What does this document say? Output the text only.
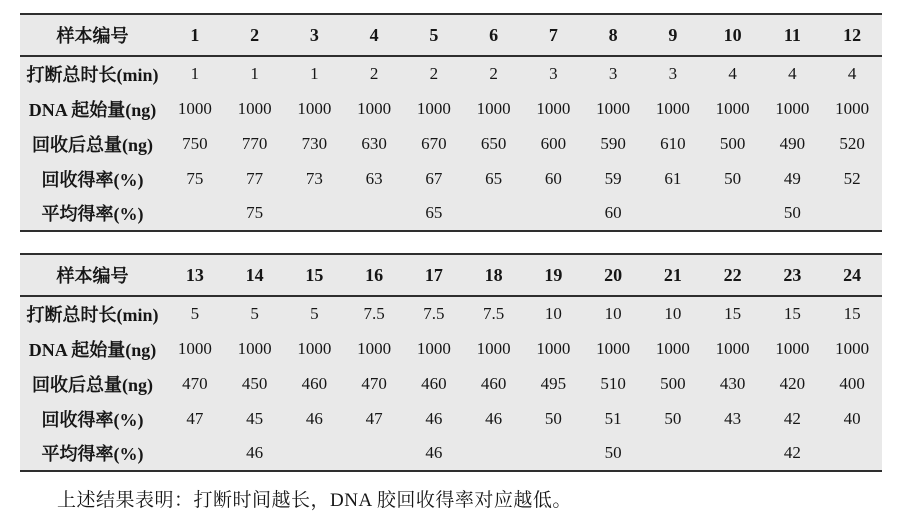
样本编号	1	2	3	4	5	6	7	8	9	10	11	12
打断总时长(min)	1	1	1	2	2	2	3	3	3	4	4	4
DNA 起始量(ng)	1000	1000	1000	1000	1000	1000	1000	1000	1000	1000	1000	1000
回收后总量(ng)	750	770	730	630	670	650	600	590	610	500	490	520
回收得率(%)	75	77	73	63	67	65	60	59	61	50	49	52
平均得率(%)		75			65			60			50	
样本编号	13	14	15	16	17	18	19	20	21	22	23	24
打断总时长(min)	5	5	5	7.5	7.5	7.5	10	10	10	15	15	15
DNA 起始量(ng)	1000	1000	1000	1000	1000	1000	1000	1000	1000	1000	1000	1000
回收后总量(ng)	470	450	460	470	460	460	495	510	500	430	420	400
回收得率(%)	47	45	46	47	46	46	50	51	50	43	42	40
平均得率(%)		46			46			50			42	

上述结果表明：打断时间越长，DNA 胶回收得率对应越低。
